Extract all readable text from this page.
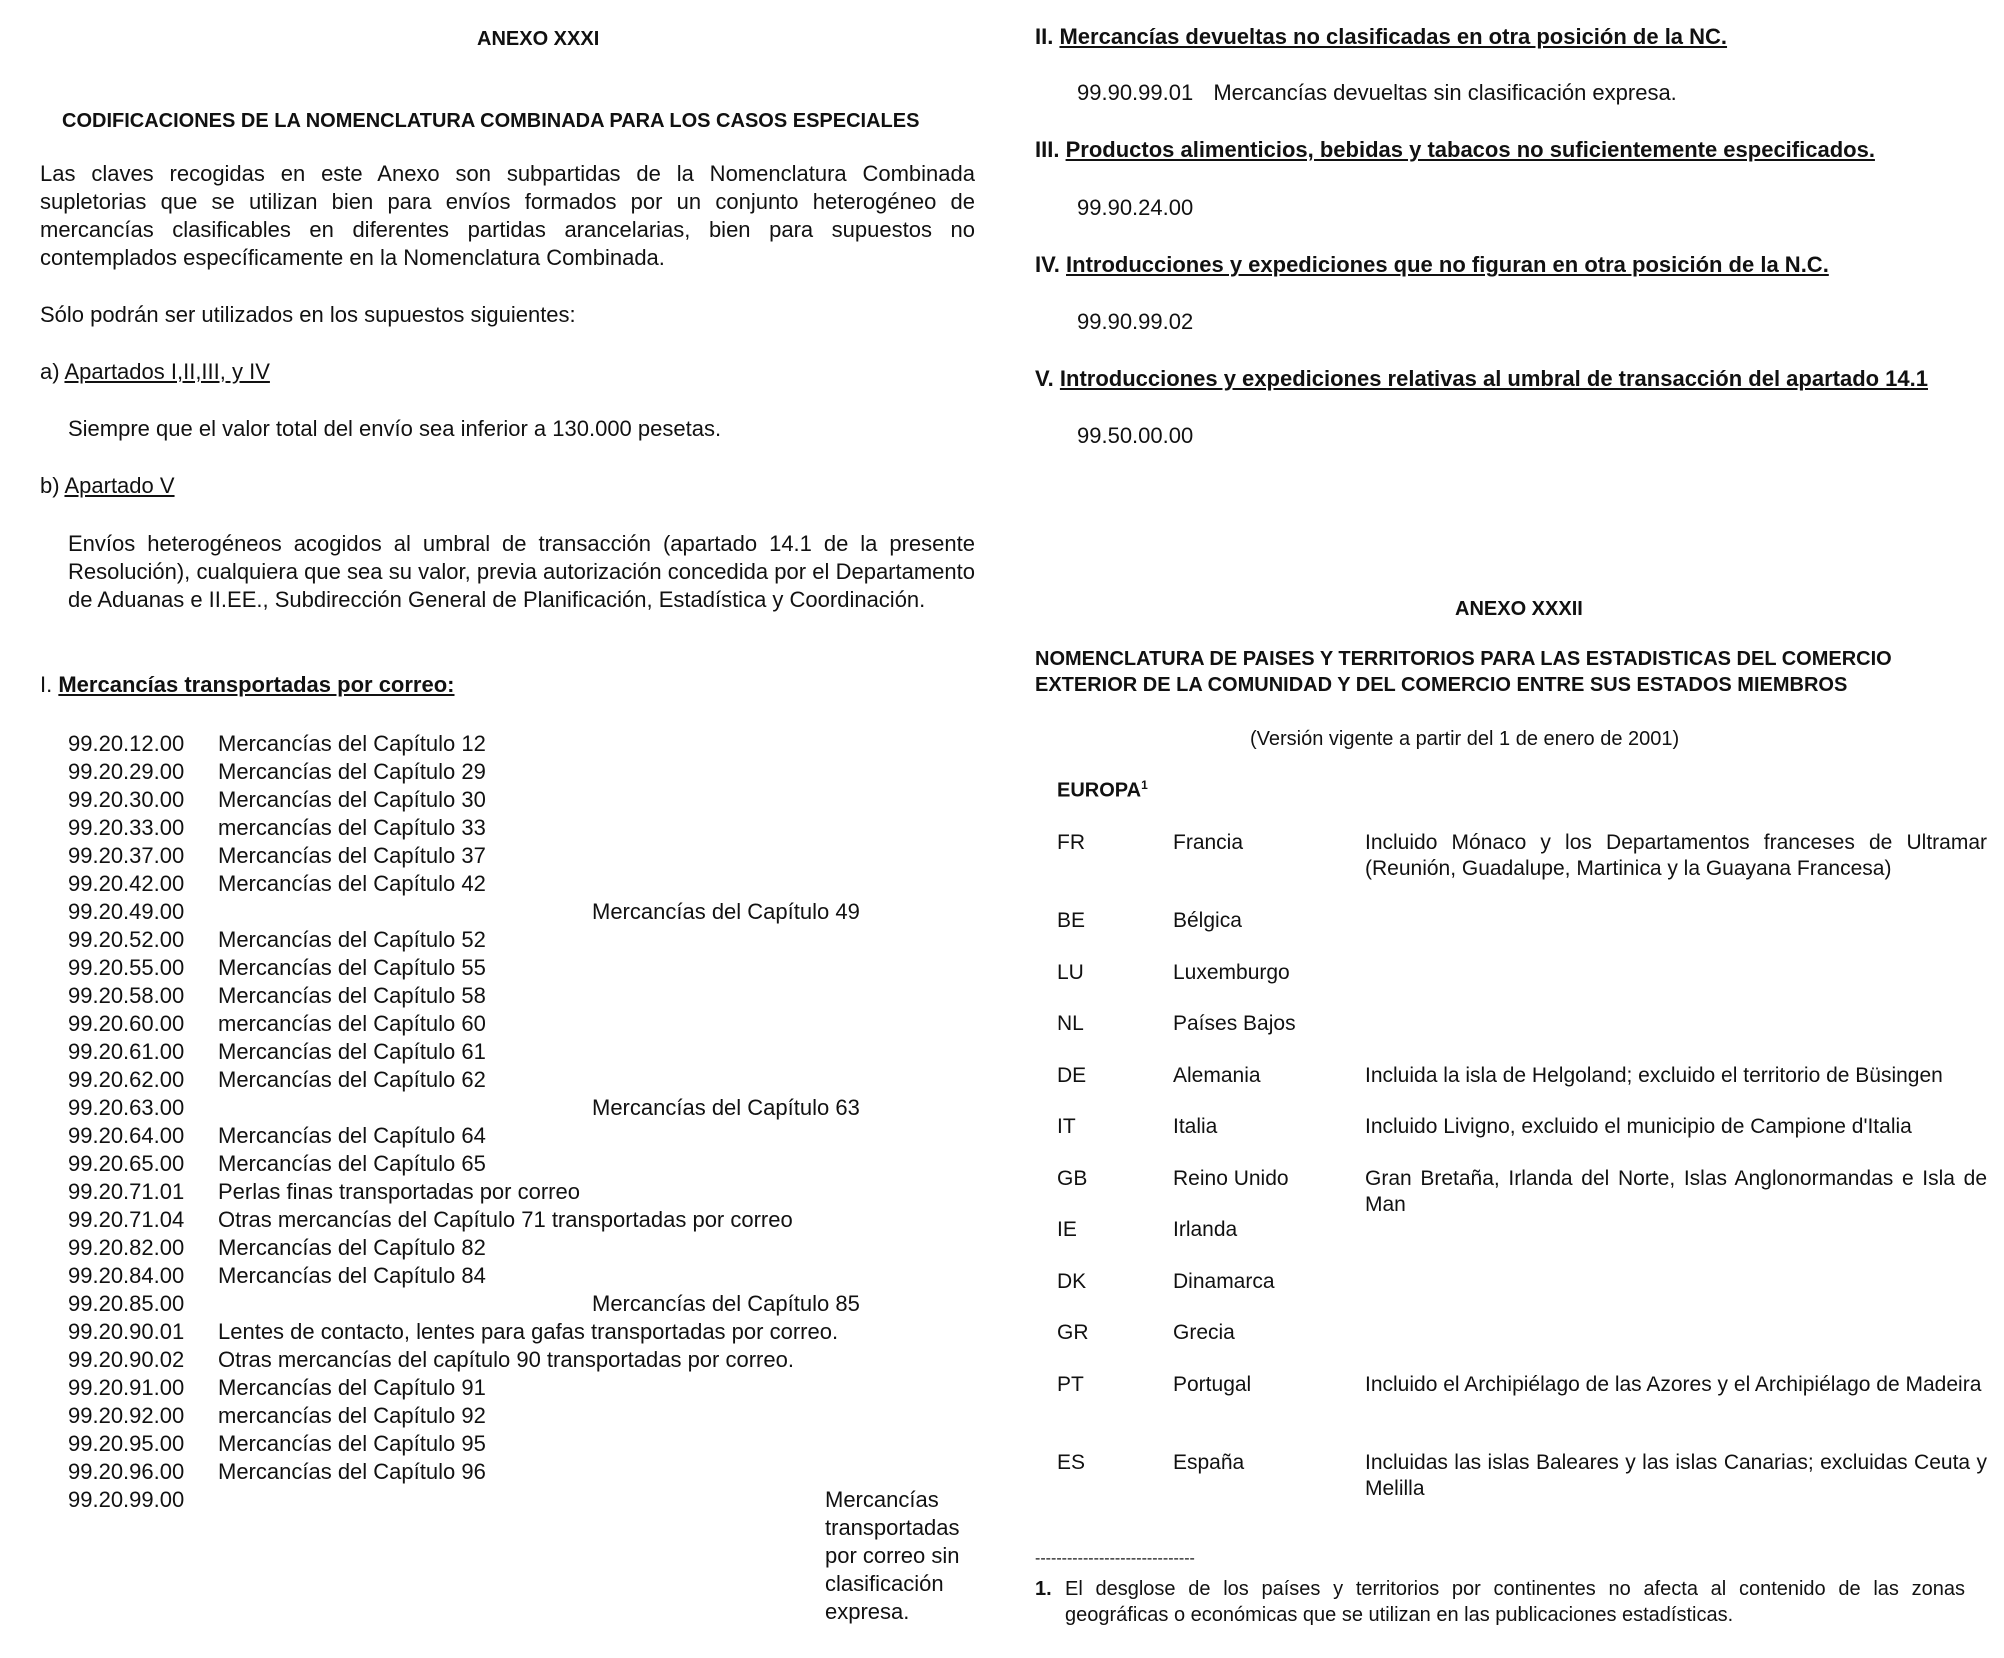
ANEXO XXXI
CODIFICACIONES DE LA NOMENCLATURA COMBINADA PARA LOS CASOS ESPECIALES
Las claves recogidas en este Anexo son subpartidas de la Nomenclatura Combinada supletorias que se utilizan bien para envíos formados por un conjunto heterogéneo de mercancías clasificables en diferentes partidas arancelarias, bien para supuestos no contemplados específicamente en la Nomenclatura Combinada.
Sólo podrán ser utilizados en los supuestos siguientes:
a) Apartados I,II,III, y IV
Siempre que el valor total del envío sea inferior a 130.000 pesetas.
b) Apartado V
Envíos heterogéneos acogidos al umbral de transacción (apartado 14.1 de la presente Resolución), cualquiera que sea su valor, previa autorización concedida por el Departamento de Aduanas e II.EE., Subdirección General de Planificación, Estadística y Coordinación.
I. Mercancías transportadas por correo:
99.20.12.00 Mercancías del Capítulo 12
99.20.29.00 Mercancías del Capítulo 29
99.20.30.00 Mercancías del Capítulo 30
99.20.33.00 mercancías del Capítulo 33
99.20.37.00 Mercancías del Capítulo 37
99.20.42.00 Mercancías del Capítulo 42
99.20.49.00	Mercancías del Capítulo 49
99.20.52.00 Mercancías del Capítulo 52
99.20.55.00 Mercancías del Capítulo 55
99.20.58.00 Mercancías del Capítulo 58
99.20.60.00 mercancías del Capítulo 60
99.20.61.00 Mercancías del Capítulo 61
99.20.62.00 Mercancías del Capítulo 62
99.20.63.00	Mercancías del Capítulo 63
99.20.64.00 Mercancías del Capítulo 64
99.20.65.00 Mercancías del Capítulo 65
99.20.71.01 Perlas finas transportadas por correo
99.20.71.04 Otras mercancías del Capítulo 71 transportadas por correo
99.20.82.00 Mercancías del Capítulo 82
99.20.84.00 Mercancías del Capítulo 84
99.20.85.00	Mercancías del Capítulo 85
99.20.90.01 Lentes de contacto, lentes para gafas transportadas por correo.
99.20.90.02 Otras mercancías del capítulo 90 transportadas por correo.
99.20.91.00 Mercancías del Capítulo 91
99.20.92.00 mercancías del Capítulo 92
99.20.95.00 Mercancías del Capítulo 95
99.20.96.00 Mercancías del Capítulo 96
99.20.99.00	Mercancías transportadas por correo sin clasificación expresa.
II. Mercancías devueltas no clasificadas en otra posición de la NC.
99.90.99.01 Mercancías devueltas sin clasificación expresa.
III. Productos alimenticios, bebidas y tabacos no suficientemente especificados.
99.90.24.00
IV. Introducciones y expediciones que no figuran en otra posición de la N.C.
99.90.99.02
V. Introducciones y expediciones relativas al umbral de transacción del apartado 14.1
99.50.00.00
ANEXO XXXII
NOMENCLATURA DE PAISES Y TERRITORIOS PARA LAS ESTADISTICAS DEL COMERCIO
EXTERIOR DE LA COMUNIDAD Y DEL COMERCIO ENTRE SUS ESTADOS MIEMBROS
(Versión vigente a partir del 1 de enero de 2001)
EUROPA$^1$
FR	Francia	Incluido Mónaco y los Departamentos franceses de Ultramar (Reunión, Guadalupe, Martinica y la Guayana Francesa)
BE	Bélgica
LU	Luxemburgo
NL	Países Bajos
DE	Alemania	Incluida la isla de Helgoland; excluido el territorio de Büsingen
IT	Italia	Incluido Livigno, excluido el municipio de Campione d'Italia
GB	Reino Unido	Gran Bretaña, Irlanda del Norte, Islas Anglonormandas e Isla de Man
IE	Irlanda
DK	Dinamarca
GR	Grecia
PT	Portugal	Incluido el Archipiélago de las Azores y el Archipiélago de Madeira
ES	España	Incluidas las islas Baleares y las islas Canarias; excluidas Ceuta y Melilla
------------------------------
1. El desglose de los países y territorios por continentes no afecta al contenido de las zonas geográficas o económicas que se utilizan en las publicaciones estadísticas.
